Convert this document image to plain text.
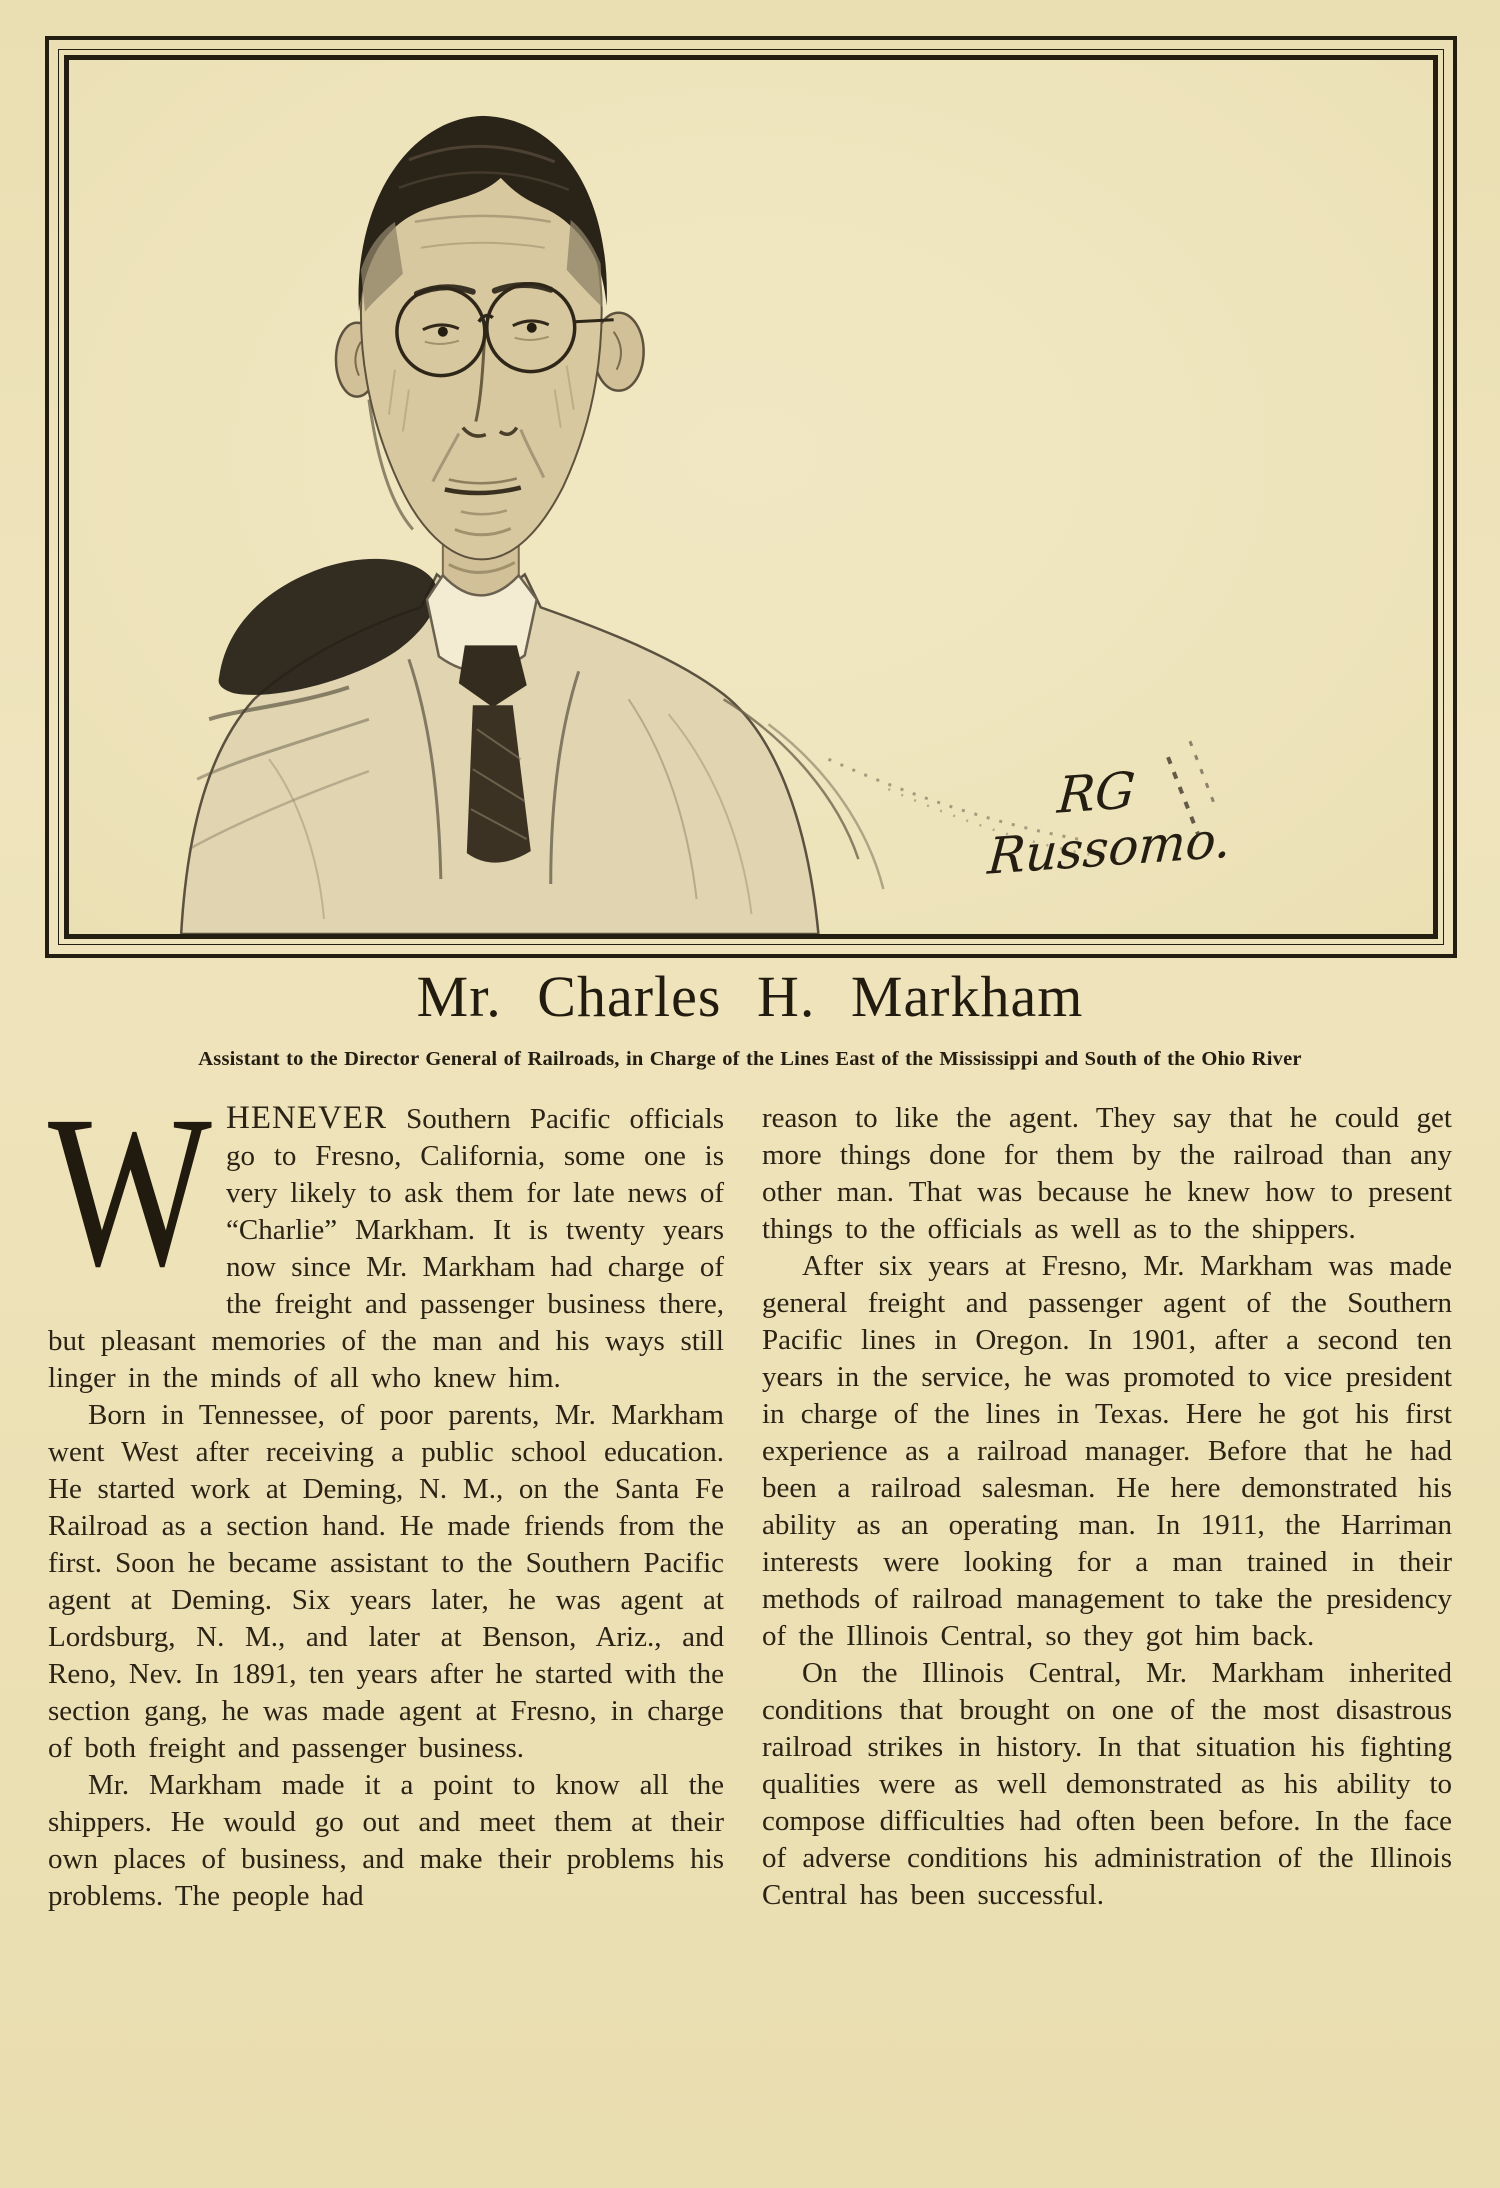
RG
Russomo.
Mr. Charles H. Markham
Assistant to the Director General of Railroads, in Charge of the Lines East of the Mississippi and South of the Ohio River

WHENEVER Southern Pacific officials go to Fresno, California, some one is very likely to ask them for late news of “Charlie” Markham. It is twenty years now since Mr. Markham had charge of the freight and passenger business there, but pleasant memories of the man and his ways still linger in the minds of all who knew him.

Born in Tennessee, of poor parents, Mr. Markham went West after receiving a public school education. He started work at Deming, N. M., on the Santa Fe Railroad as a section hand. He made friends from the first. Soon he became assistant to the Southern Pacific agent at Deming. Six years later, he was agent at Lordsburg, N. M., and later at Benson, Ariz., and Reno, Nev. In 1891, ten years after he started with the section gang, he was made agent at Fresno, in charge of both freight and passenger business.

Mr. Markham made it a point to know all the shippers. He would go out and meet them at their own places of business, and make their problems his problems. The people had

reason to like the agent. They say that he could get more things done for them by the railroad than any other man. That was because he knew how to present things to the officials as well as to the shippers.

After six years at Fresno, Mr. Markham was made general freight and passenger agent of the Southern Pacific lines in Oregon. In 1901, after a second ten years in the service, he was promoted to vice president in charge of the lines in Texas. Here he got his first experience as a railroad manager. Before that he had been a railroad salesman. He here demonstrated his ability as an operating man. In 1911, the Harriman interests were looking for a man trained in their methods of railroad management to take the presidency of the Illinois Central, so they got him back.

On the Illinois Central, Mr. Markham inherited conditions that brought on one of the most disastrous railroad strikes in history. In that situation his fighting qualities were as well demonstrated as his ability to compose difficulties had often been before. In the face of adverse conditions his administration of the Illinois Central has been successful.
